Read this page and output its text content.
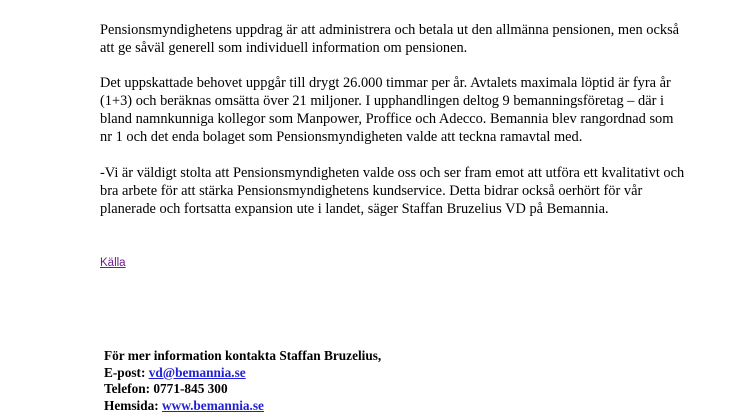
Pensionsmyndighetens uppdrag är att administrera och betala ut den allmänna pensionen, men också
att ge såväl generell som individuell information om pensionen.

Det uppskattade behovet uppgår till drygt 26.000 timmar per år. Avtalets maximala löptid är fyra år
(1+3) och beräknas omsätta över 21 miljoner. I upphandlingen deltog 9 bemanningsföretag – där i
bland namnkunniga kollegor som Manpower, Proffice och Adecco. Bemannia blev rangordnad som
nr 1 och det enda bolaget som Pensionsmyndigheten valde att teckna ramavtal med.

-Vi är väldigt stolta att Pensionsmyndigheten valde oss och ser fram emot att utföra ett kvalitativt och
bra arbete för att stärka Pensionsmyndighetens kundservice. Detta bidrar också oerhört för vår
planerade och fortsatta expansion ute i landet, säger Staffan Bruzelius VD på Bemannia.

Källa
För mer information kontakta Staffan Bruzelius,
E-post: vd@bemannia.se
Telefon: 0771-845 300
Hemsida: www.bemannia.se
